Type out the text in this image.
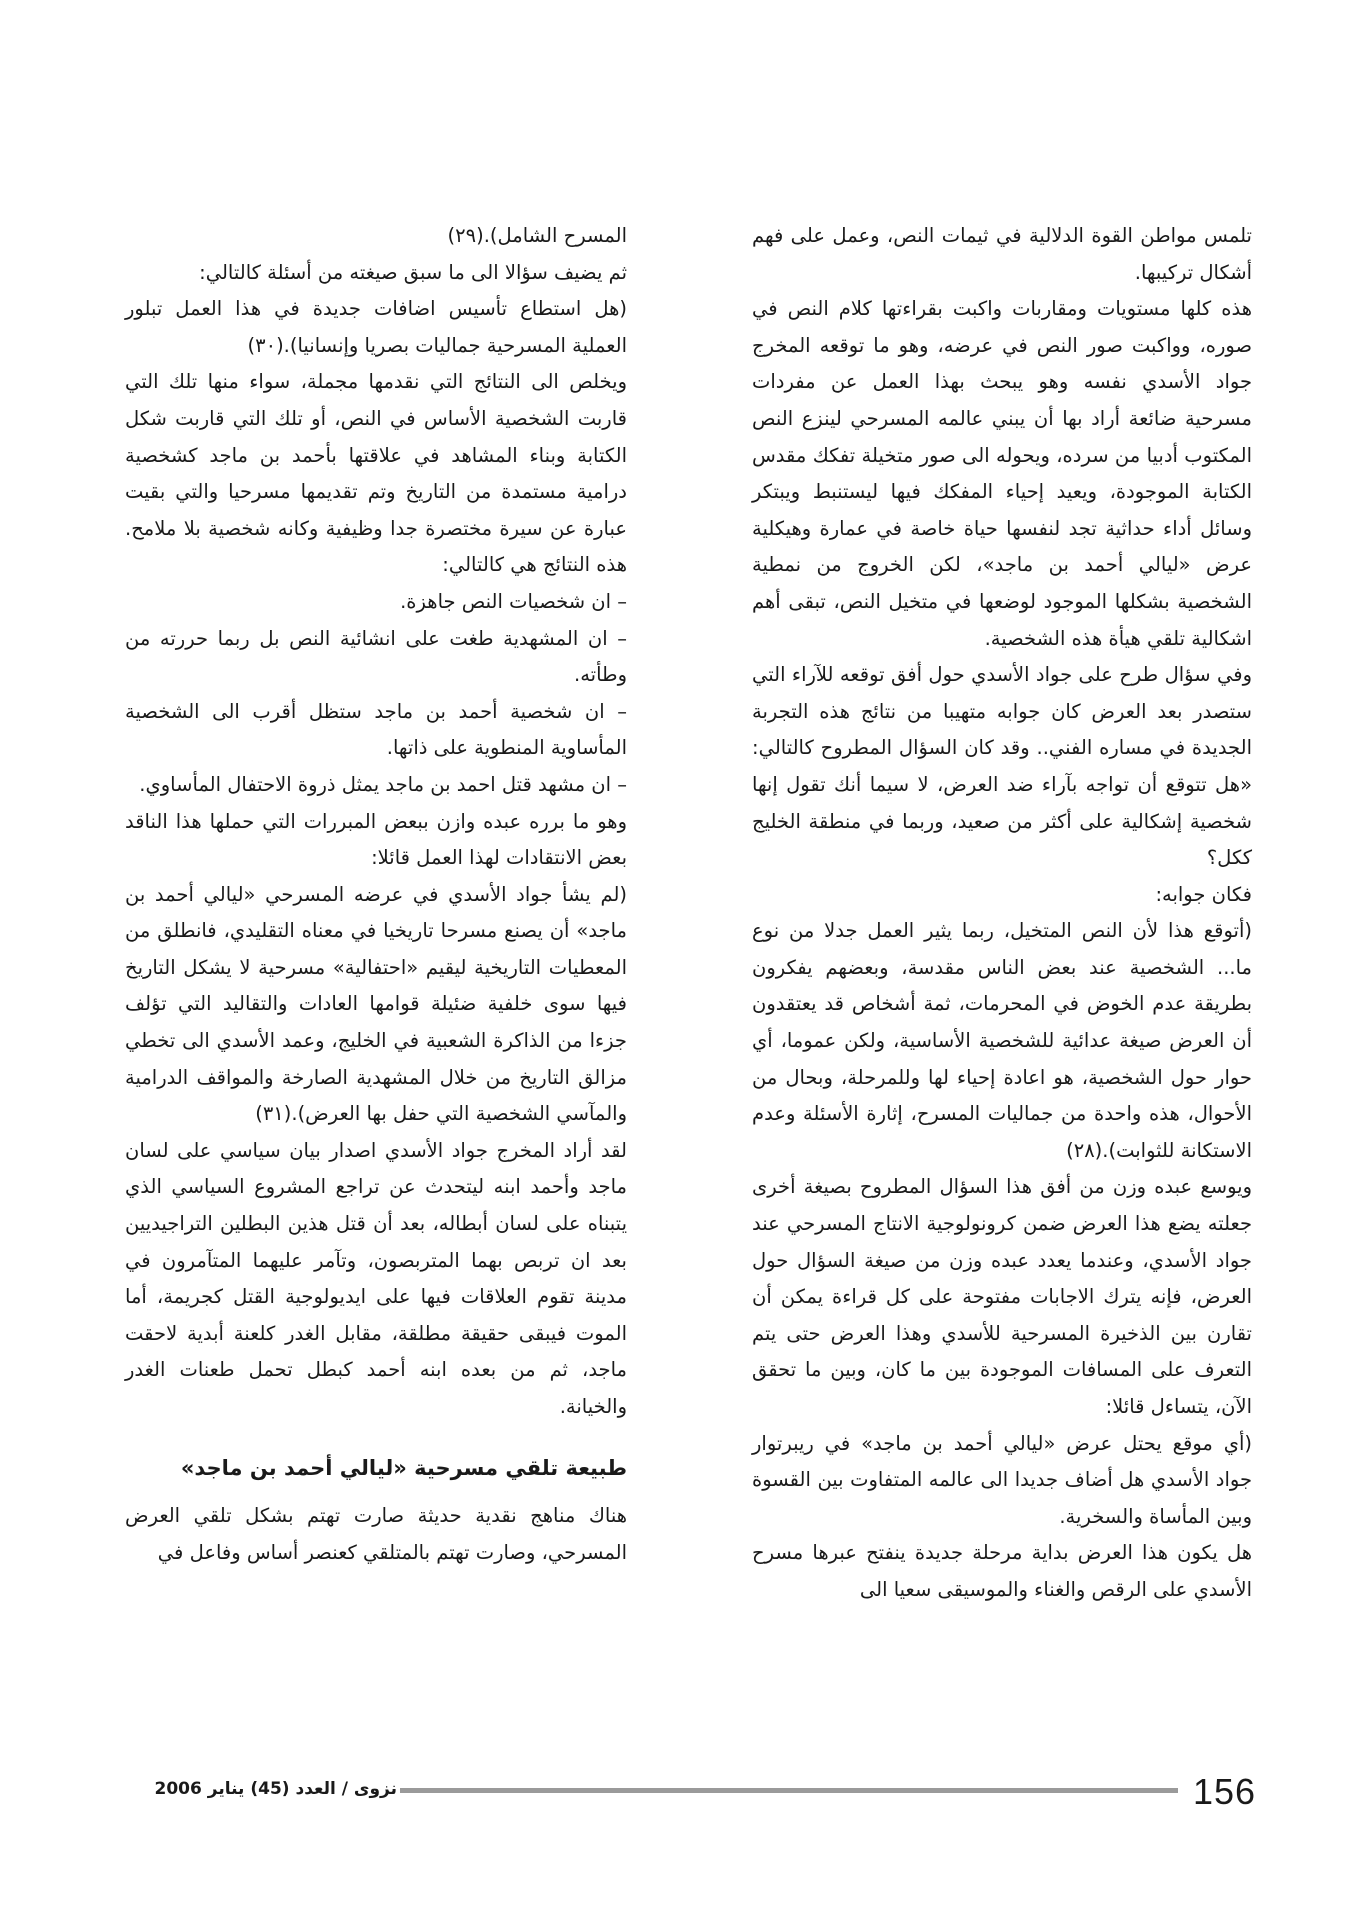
تلمس مواطن القوة الدلالية في ثيمات النص، وعمل على فهم أشكال تركيبها.

هذه كلها مستويات ومقاربات واكبت بقراءتها كلام النص في صوره، وواكبت صور النص في عرضه، وهو ما توقعه المخرج جواد الأسدي نفسه وهو يبحث بهذا العمل عن مفردات مسرحية ضائعة أراد بها أن يبني عالمه المسرحي لينزع النص المكتوب أدبيا من سرده، ويحوله الى صور متخيلة تفكك مقدس الكتابة الموجودة، ويعيد إحياء المفكك فيها ليستنبط ويبتكر وسائل أداء حداثية تجد لنفسها حياة خاصة في عمارة وهيكلية عرض «ليالي أحمد بن ماجد»، لكن الخروج من نمطية الشخصية بشكلها الموجود لوضعها في متخيل النص، تبقى أهم اشكالية تلقي هيأة هذه الشخصية.

وفي سؤال طرح على جواد الأسدي حول أفق توقعه للآراء التي ستصدر بعد العرض كان جوابه متهيبا من نتائج هذه التجربة الجديدة في مساره الفني.. وقد كان السؤال المطروح كالتالي: «هل تتوقع أن تواجه بآراء ضد العرض، لا سيما أنك تقول إنها شخصية إشكالية على أكثر من صعيد، وربما في منطقة الخليج ككل؟

فكان جوابه:

(أتوقع هذا لأن النص المتخيل، ربما يثير العمل جدلا من نوع ما... الشخصية عند بعض الناس مقدسة، وبعضهم يفكرون بطريقة عدم الخوض في المحرمات، ثمة أشخاص قد يعتقدون أن العرض صيغة عدائية للشخصية الأساسية، ولكن عموما، أي حوار حول الشخصية، هو اعادة إحياء لها وللمرحلة، وبحال من الأحوال، هذه واحدة من جماليات المسرح، إثارة الأسئلة وعدم الاستكانة للثوابت).(٢٨)

ويوسع عبده وزن من أفق هذا السؤال المطروح بصيغة أخرى جعلته يضع هذا العرض ضمن كرونولوجية الانتاج المسرحي عند جواد الأسدي، وعندما يعدد عبده وزن من صيغة السؤال حول العرض، فإنه يترك الاجابات مفتوحة على كل قراءة يمكن أن تقارن بين الذخيرة المسرحية للأسدي وهذا العرض حتى يتم التعرف على المسافات الموجودة بين ما كان، وبين ما تحقق الآن، يتساءل قائلا:

(أي موقع يحتل عرض «ليالي أحمد بن ماجد» في ريبرتوار جواد الأسدي هل أضاف جديدا الى عالمه المتفاوت بين القسوة وبين المأساة والسخرية.

هل يكون هذا العرض بداية مرحلة جديدة ينفتح عبرها مسرح الأسدي على الرقص والغناء والموسيقى سعيا الى

المسرح الشامل).(٢٩)

ثم يضيف سؤالا الى ما سبق صيغته من أسئلة كالتالي:

(هل استطاع تأسيس اضافات جديدة في هذا العمل تبلور العملية المسرحية جماليات بصريا وإنسانيا).(٣٠)

ويخلص الى النتائج التي نقدمها مجملة، سواء منها تلك التي قاربت الشخصية الأساس في النص، أو تلك التي قاربت شكل الكتابة وبناء المشاهد في علاقتها بأحمد بن ماجد كشخصية درامية مستمدة من التاريخ وتم تقديمها مسرحيا والتي بقيت عبارة عن سيرة مختصرة جدا وظيفية وكانه شخصية بلا ملامح. هذه النتائج هي كالتالي:

– ان شخصيات النص جاهزة.

– ان المشهدية طغت على انشائية النص بل ربما حررته من وطأته.

– ان شخصية أحمد بن ماجد ستظل أقرب الى الشخصية المأساوية المنطوية على ذاتها.

– ان مشهد قتل احمد بن ماجد يمثل ذروة الاحتفال المأساوي.

وهو ما برره عبده وازن ببعض المبررات التي حملها هذا الناقد بعض الانتقادات لهذا العمل قائلا:

(لم يشأ جواد الأسدي في عرضه المسرحي «ليالي أحمد بن ماجد» أن يصنع مسرحا تاريخيا في معناه التقليدي، فانطلق من المعطيات التاريخية ليقيم «احتفالية» مسرحية لا يشكل التاريخ فيها سوى خلفية ضئيلة قوامها العادات والتقاليد التي تؤلف جزءا من الذاكرة الشعبية في الخليج، وعمد الأسدي الى تخطي مزالق التاريخ من خلال المشهدية الصارخة والمواقف الدرامية والمآسي الشخصية التي حفل بها العرض).(٣١)

لقد أراد المخرج جواد الأسدي اصدار بيان سياسي على لسان ماجد وأحمد ابنه ليتحدث عن تراجع المشروع السياسي الذي يتبناه على لسان أبطاله، بعد أن قتل هذين البطلين التراجيديين بعد ان تربص بهما المتربصون، وتآمر عليهما المتآمرون في مدينة تقوم العلاقات فيها على ايديولوجية القتل كجريمة، أما الموت فيبقى حقيقة مطلقة، مقابل الغدر كلعنة أبدية لاحقت ماجد، ثم من بعده ابنه أحمد كبطل تحمل طعنات الغدر والخيانة.

طبيعة تلقي مسرحية «ليالي أحمد بن ماجد»

هناك مناهج نقدية حديثة صارت تهتم بشكل تلقي العرض المسرحي، وصارت تهتم بالمتلقي كعنصر أساس وفاعل في

156
نزوى / العدد (45) يناير 2006
